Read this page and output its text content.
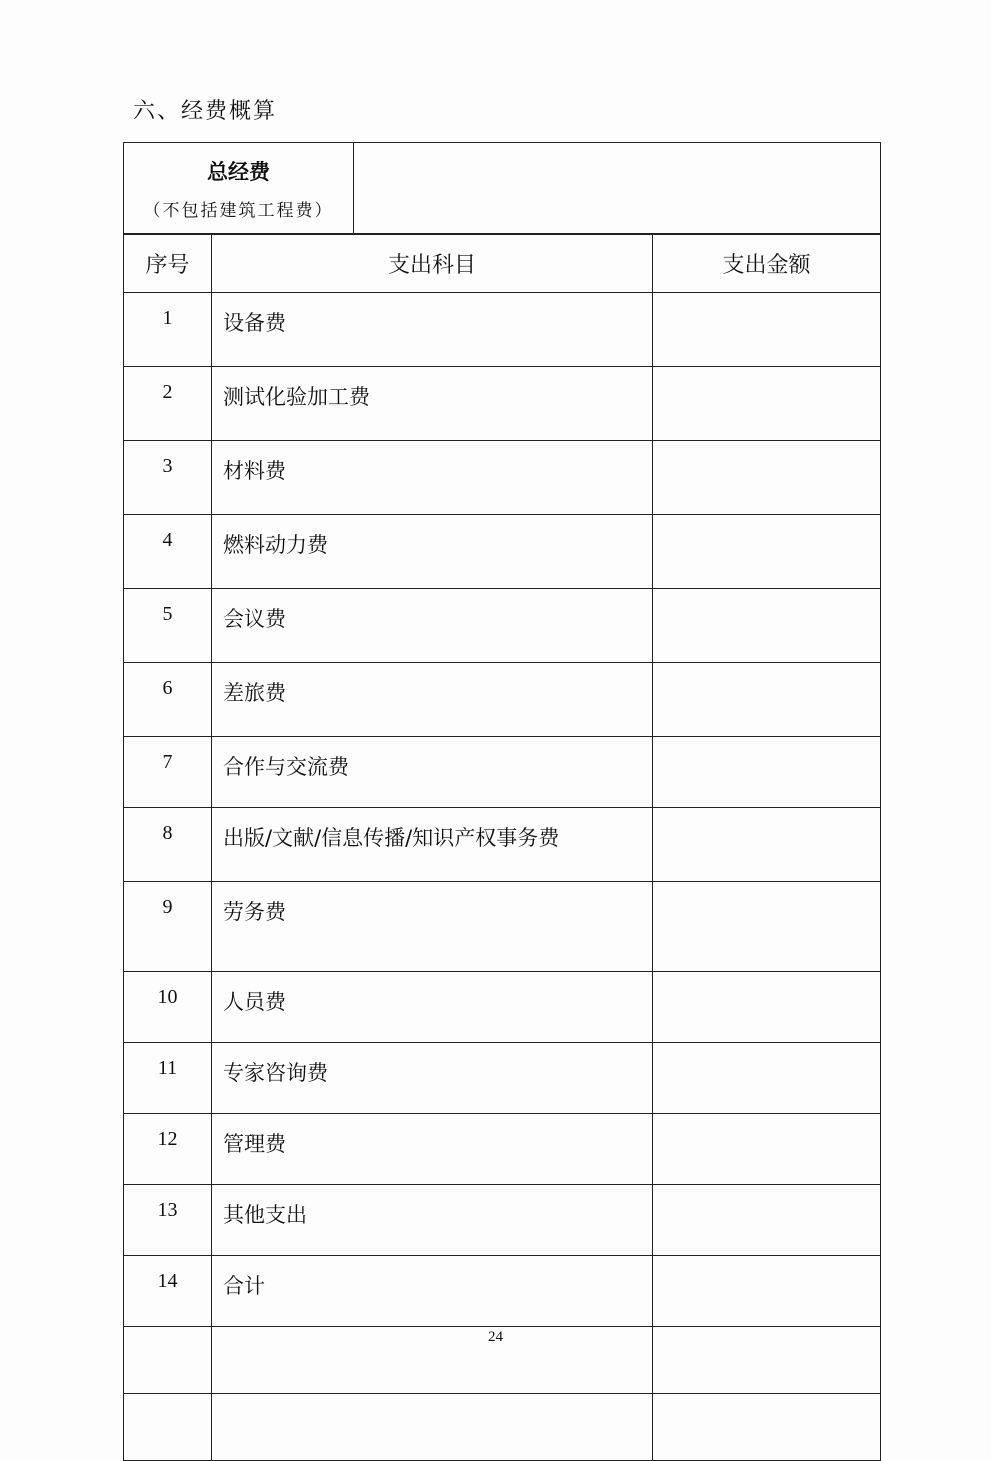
六、经费概算
总经费
（不包括建筑工程费）

序号	支出科目	支出金额
1	设备费	
2	测试化验加工费	
3	材料费	
4	燃料动力费	
5	会议费	
6	差旅费	
7	合作与交流费	
8	出版/文献/信息传播/知识产权事务费	
9	劳务费	
10	人员费	
11	专家咨询费	
12	管理费	
13	其他支出	
14	合计	

24
